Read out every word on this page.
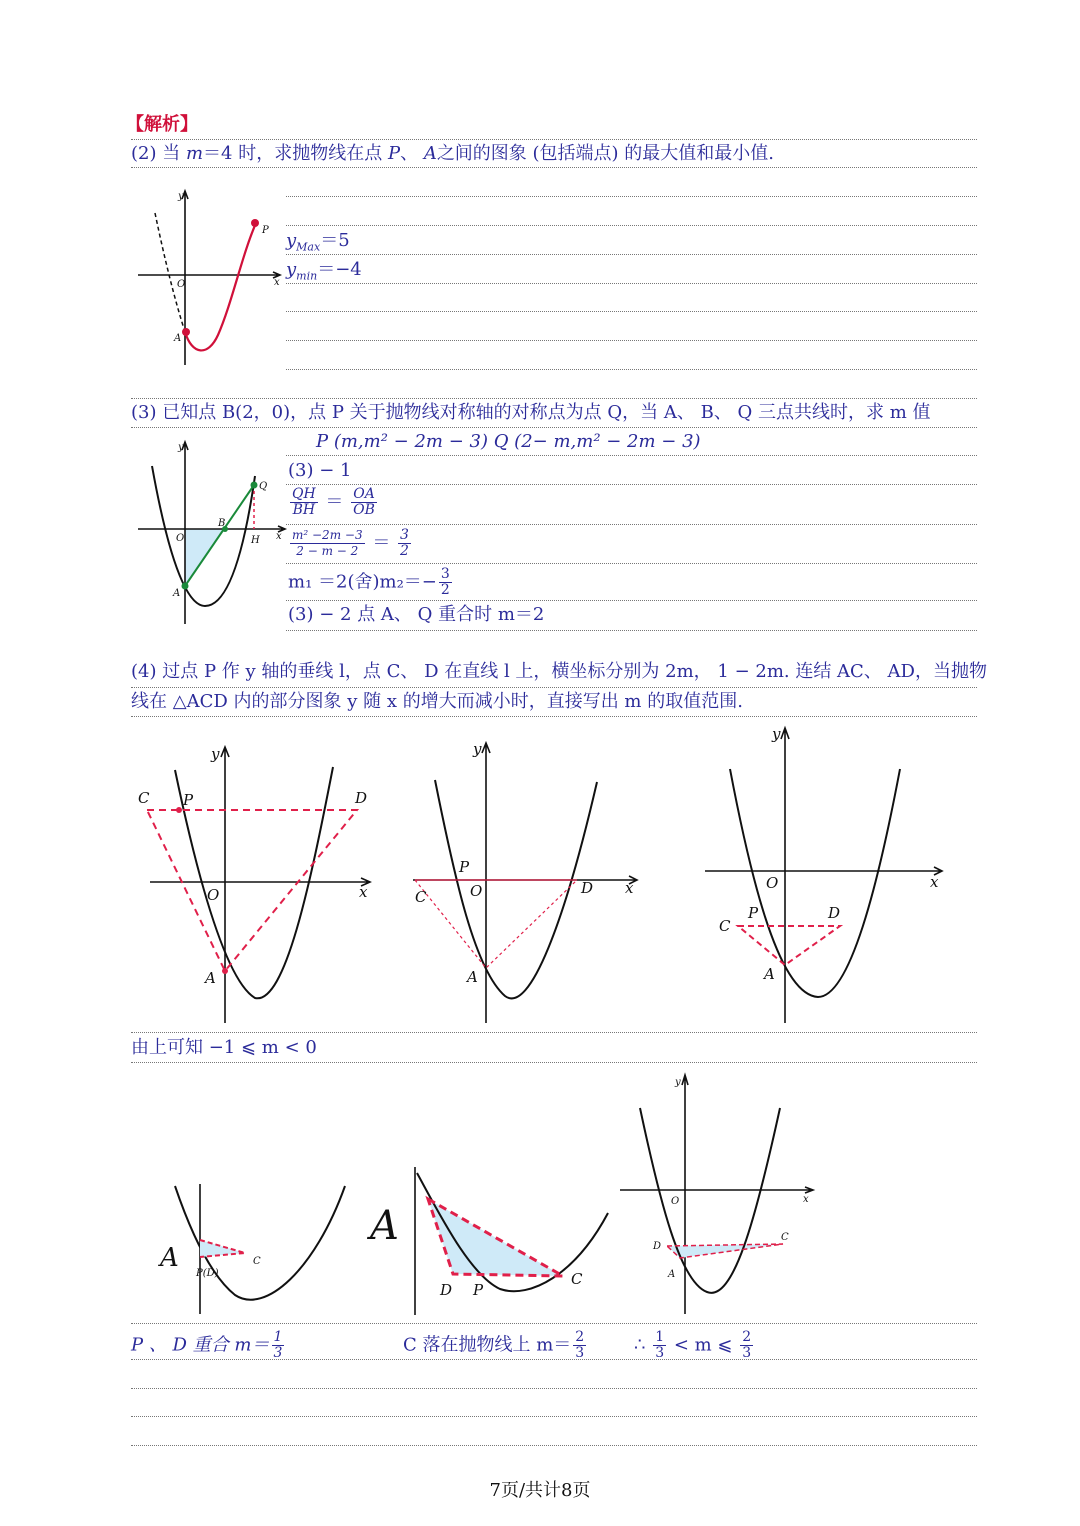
【解析】
(2) 当 m＝4 时，求抛物线在点 P、 A之间的图象 (包括端点) 的最大值和最小值.
$y_{Max}=5$
$y_{min}=-4$
y
x
O
A
P
(3) 已知点 B(2，0)，点 P 关于抛物线对称轴的对称点为点 Q，当 A、 B、 Q 三点共线时，求 m 值
P (m,m² − 2m − 3) Q (2− m,m² − 2m − 3)
(3) − 1
$\frac{QH}{BH} = \frac{OA}{OB}$
$\frac{\text{m² −2m −3}}{2 - m - 2} = \frac{3}{2}$
m₁ ＝2(舍)$m_2=- \frac{3}{2}$
(3) − 2 点 A、 Q 重合时 m＝2
y
x
O
A
B
H
Q
(4) 过点 P 作 y 轴的垂线 l，点 C、 D 在直线 l 上，横坐标分别为 2m， 1 − 2m. 连结 AC、 AD，当抛物
线在 △ACD 内的部分图象 y 随 x 的增大而减小时，直接写出 m 的取值范围.
y
x
O
A
P
C	D
y
x
O
A
P
C	D
y
x
O
A
P
C
D
由上可知 −1 ⩽ m < 0
A
P(D)
C
A
D P
C
y
x
O
A
D
C
P 、 D 重合 $m= \frac{1}{3}$	C 落在抛物线上 $m= \frac{2}{3}$	∴ $\frac{1}{3} < m$ ⩽ $\frac{2}{3}$
7页/共计8页
